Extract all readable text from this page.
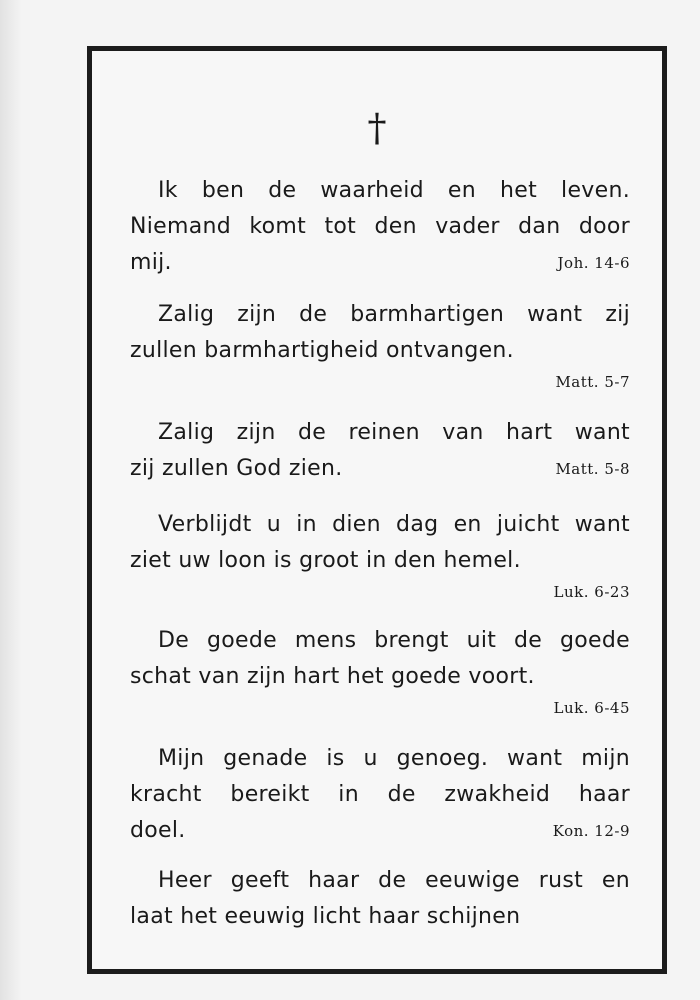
†
Ik ben de waarheid en het leven.
Niemand komt tot den vader dan door
mij.	Joh. 14-6
Zalig zijn de barmhartigen want zij
zullen barmhartigheid ontvangen.
Matt. 5-7
Zalig zijn de reinen van hart want
zij zullen God zien.	Matt. 5-8
Verblijdt u in dien dag en juicht want
ziet uw loon is groot in den hemel.
Luk. 6-23
De goede mens brengt uit de goede
schat van zijn hart het goede voort.
Luk. 6-45
Mijn genade is u genoeg. want mijn
kracht bereikt in de zwakheid haar
doel.	Kon. 12-9
Heer geeft haar de eeuwige rust en
laat het eeuwig licht haar schijnen
